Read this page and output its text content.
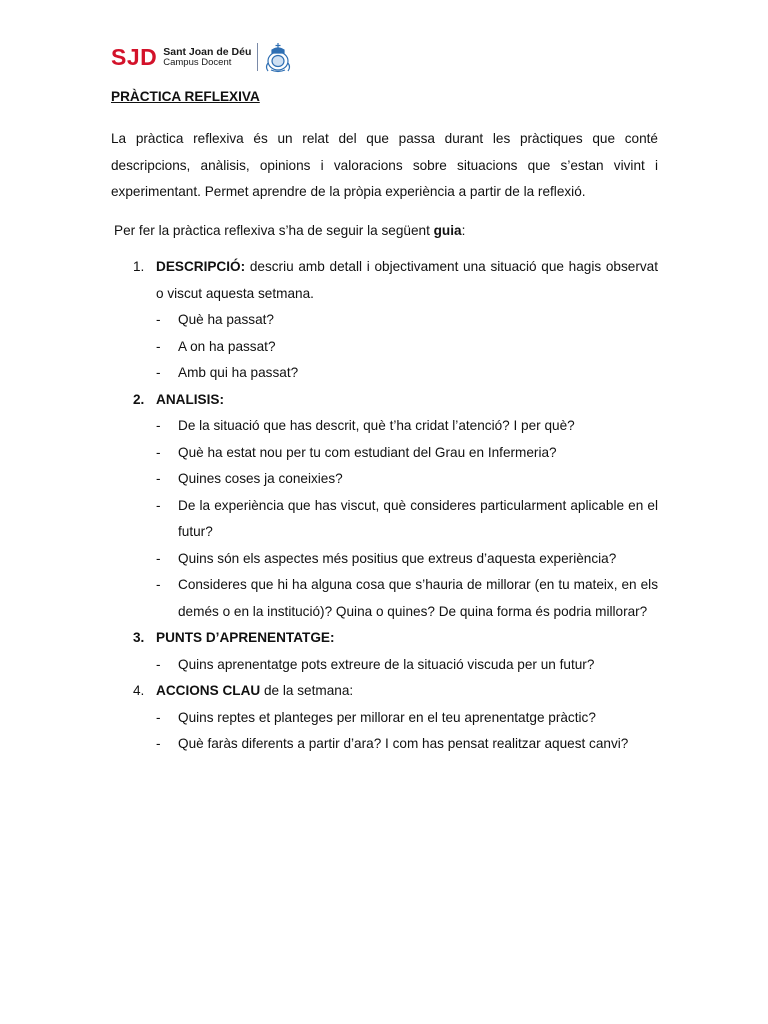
SJD Sant Joan de Déu
Campus Docent

PRÀCTICA REFLEXIVA

La pràctica reflexiva és un relat del que passa durant les pràctiques que conté descripcions, anàlisis, opinions i valoracions sobre situacions que s’estan vivint i experimentant. Permet aprendre de la pròpia experiència a partir de la reflexió.

Per fer la pràctica reflexiva s’ha de seguir la següent guia:

1. DESCRIPCIÓ: descriu amb detall i objectivament una situació que hagis observat o viscut aquesta setmana.
- Què ha passat?
- A on ha passat?
- Amb qui ha passat?
2. ANALISIS:
- De la situació que has descrit, què t’ha cridat l’atenció? I per què?
- Què ha estat nou per tu com estudiant del Grau en Infermeria?
- Quines coses ja coneixies?
- De la experiència que has viscut, què consideres particularment aplicable en el futur?
- Quins són els aspectes més positius que extreus d’aquesta experiència?
- Consideres que hi ha alguna cosa que s’hauria de millorar (en tu mateix, en els demés o en la institució)? Quina o quines? De quina forma és podria millorar?
3. PUNTS D’APRENENTATGE:
- Quins aprenentatge pots extreure de la situació viscuda per un futur?
4. ACCIONS CLAU de la setmana:
- Quins reptes et planteges per millorar en el teu aprenentatge pràctic?
- Què faràs diferents a partir d’ara? I com has pensat realitzar aquest canvi?
